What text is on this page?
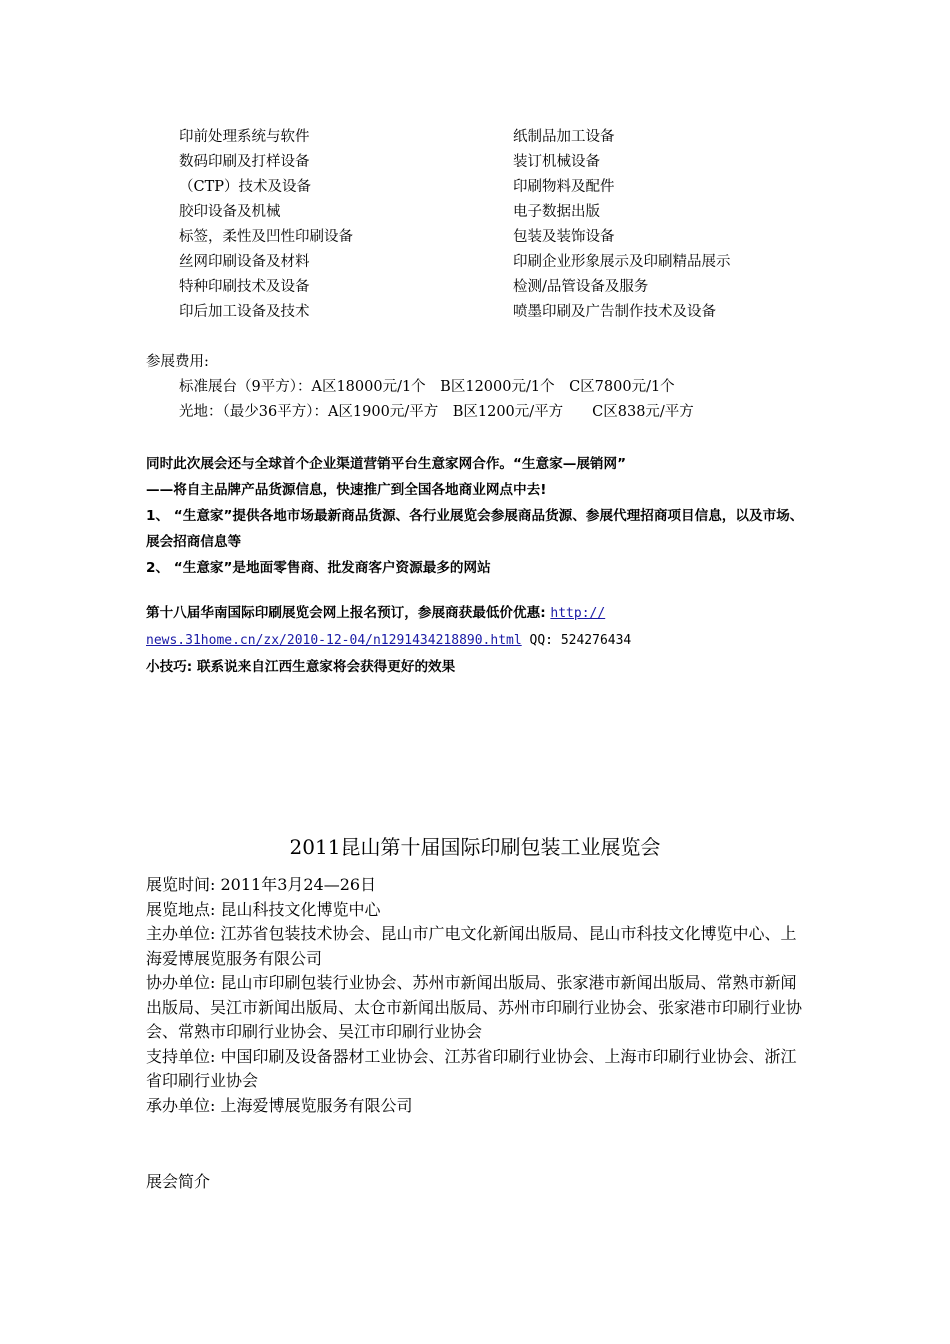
印前处理系统与软件
数码印刷及打样设备
（CTP）技术及设备
胶印设备及机械
标签，柔性及凹性印刷设备
丝网印刷设备及材料
特种印刷技术及设备
印后加工设备及技术
纸制品加工设备
装订机械设备
印刷物料及配件
电子数据出版
包装及装饰设备
印刷企业形象展示及印刷精品展示
检测/品管设备及服务
喷墨印刷及广告制作技术及设备
参展费用:
标准展台（9平方）：A区18000元/1个　B区12000元/1个　C区7800元/1个
光地：（最少36平方）：A区1900元/平方　B区1200元/平方　　C区838元/平方
同时此次展会还与全球首个企业渠道营销平台生意家网合作。“生意家—展销网”
——将自主品牌产品货源信息，快速推广到全国各地商业网点中去!
1、 “生意家”提供各地市场最新商品货源、各行业展览会参展商品货源、参展代理招商项目信息，以及市场、展会招商信息等
2、 “生意家”是地面零售商、批发商客户资源最多的网站
第十八届华南国际印刷展览会网上报名预订，参展商获最低价优惠: http://
news.31home.cn/zx/2010-12-04/n1291434218890.html QQ: 524276434
小技巧: 联系说来自江西生意家将会获得更好的效果
2011昆山第十届国际印刷包装工业展览会
展览时间: 2011年3月24—26日
展览地点: 昆山科技文化博览中心
主办单位: 江苏省包装技术协会、昆山市广电文化新闻出版局、昆山市科技文化博览中心、上海爱博展览服务有限公司
协办单位: 昆山市印刷包装行业协会、苏州市新闻出版局、张家港市新闻出版局、常熟市新闻出版局、吴江市新闻出版局、太仓市新闻出版局、苏州市印刷行业协会、张家港市印刷行业协会、常熟市印刷行业协会、吴江市印刷行业协会
支持单位: 中国印刷及设备器材工业协会、江苏省印刷行业协会、上海市印刷行业协会、浙江省印刷行业协会
承办单位: 上海爱博展览服务有限公司
展会简介
